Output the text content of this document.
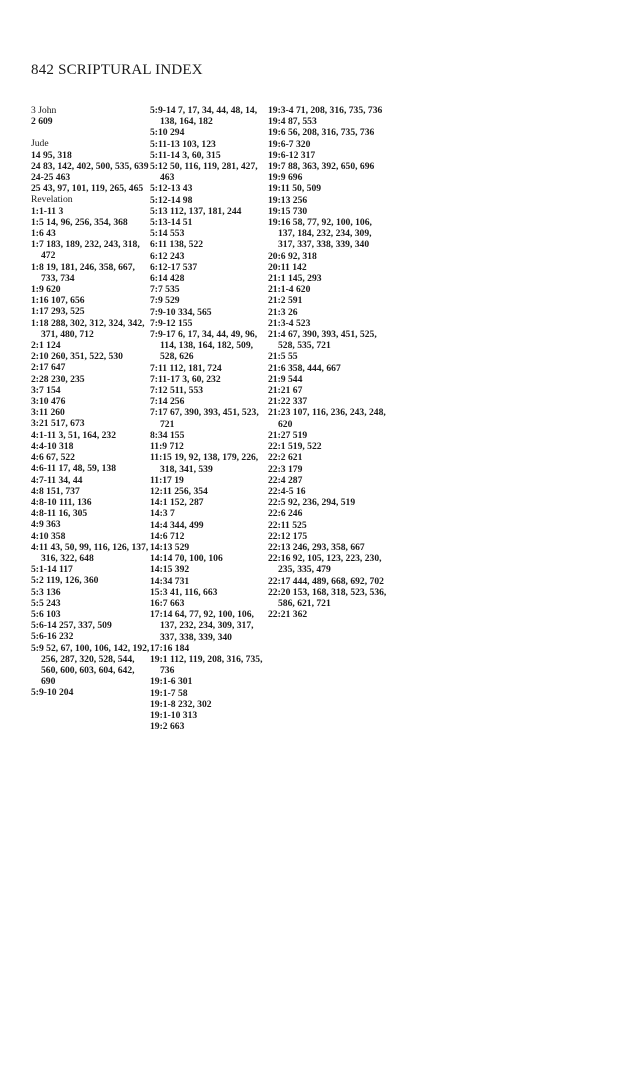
842 SCRIPTURAL INDEX
3 John
2 609
Jude
14 95, 318
24 83, 142, 402, 500, 535, 639
24-25 463
25 43, 97, 101, 119, 265, 465
Revelation
1:1-11 3
1:5 14, 96, 256, 354, 368
1:6 43
1:7 183, 189, 232, 243, 318, 472
1:8 19, 181, 246, 358, 667, 733, 734
1:9 620
1:16 107, 656
1:17 293, 525
1:18 288, 302, 312, 324, 342, 371, 480, 712
2:1 124
2:10 260, 351, 522, 530
2:17 647
2:28 230, 235
3:7 154
3:10 476
3:11 260
3:21 517, 673
4:1-11 3, 51, 164, 232
4:4-10 318
4:6 67, 522
4:6-11 17, 48, 59, 138
4:7-11 34, 44
4:8 151, 737
4:8-10 111, 136
4:8-11 16, 305
4:9 363
4:10 358
4:11 43, 50, 99, 116, 126, 137, 316, 322, 648
5:1-14 117
5:2 119, 126, 360
5:3 136
5:5 243
5:6 103
5:6-14 257, 337, 509
5:6-16 232
5:9 52, 67, 100, 106, 142, 192, 256, 287, 320, 528, 544, 560, 600, 603, 604, 642, 690
5:9-10 204
5:9-14 7, 17, 34, 44, 48, 14, 138, 164, 182
5:10 294
5:11-13 103, 123
5:11-14 3, 60, 315
5:12 50, 116, 119, 281, 427, 463
5:12-13 43
5:12-14 98
5:13 112, 137, 181, 244
5:13-14 51
5:14 553
6:11 138, 522
6:12 243
6:12-17 537
6:14 428
7:7 535
7:9 529
7:9-10 334, 565
7:9-12 155
7:9-17 6, 17, 34, 44, 49, 96, 114, 138, 164, 182, 509, 528, 626
7:11 112, 181, 724
7:11-17 3, 60, 232
7:12 511, 553
7:14 256
7:17 67, 390, 393, 451, 523, 721
8:34 155
11:9 712
11:15 19, 92, 138, 179, 226, 318, 341, 539
11:17 19
12:11 256, 354
14:1 152, 287
14:3 7
14:4 344, 499
14:6 712
14:13 529
14:14 70, 100, 106
14:15 392
14:34 731
15:3 41, 116, 663
16:7 663
17:14 64, 77, 92, 100, 106, 137, 232, 234, 309, 317, 337, 338, 339, 340
17:16 184
19:1 112, 119, 208, 316, 735, 736
19:1-6 301
19:1-7 58
19:1-8 232, 302
19:1-10 313
19:2 663
19:3-4 71, 208, 316, 735, 736
19:4 87, 553
19:6 56, 208, 316, 735, 736
19:6-7 320
19:6-12 317
19:7 88, 363, 392, 650, 696
19:9 696
19:11 50, 509
19:13 256
19:15 730
19:16 58, 77, 92, 100, 106, 137, 184, 232, 234, 309, 317, 337, 338, 339, 340
20:6 92, 318
20:11 142
21:1 145, 293
21:1-4 620
21:2 591
21:3 26
21:3-4 523
21:4 67, 390, 393, 451, 525, 528, 535, 721
21:5 55
21:6 358, 444, 667
21:9 544
21:21 67
21:22 337
21:23 107, 116, 236, 243, 248, 620
21:27 519
22:1 519, 522
22:2 621
22:3 179
22:4 287
22:4-5 16
22:5 92, 236, 294, 519
22:6 246
22:11 525
22:12 175
22:13 246, 293, 358, 667
22:16 92, 105, 123, 223, 230, 235, 335, 479
22:17 444, 489, 668, 692, 702
22:20 153, 168, 318, 523, 536, 586, 621, 721
22:21 362
